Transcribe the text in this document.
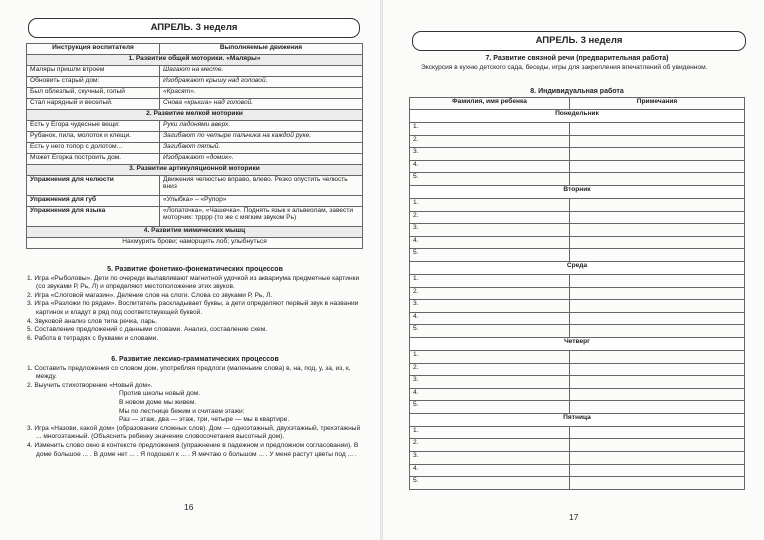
АПРЕЛЬ. 3 неделя
Инструкция воспитателя	Выполняемые движения
1. Развитие общей моторики. «Маляры»	
Маляры пришли втроем	Шагают на месте.
Обновить старый дом:	Изображают крышу над головой.
Был облезлый, скучный, голый	«Красят».
Стал нарядный и веселый.	Снова «крыша» над головой.
2. Развитие мелкой моторики	
Есть у Егора чудесные вещи:	Руки ладонями вверх.
Рубанок, пила, молоток и клещи.	Загибают по четыре пальчика на каждой руке.
Есть у него топор с долотом...	Загибают пятый.
Может Егорка построить дом.	Изображают «домик».
3. Развитие артикуляционной моторики	
Упражнения для челюсти	Движения челюстью вправо, влево. Резко опустить челюсть вниз
Упражнения для губ	«Улыбка» – «Рупор»
Упражнения для языка	«Лопаточка», «Чашечка». Поднять язык к альвеолам, завести моторчик: трррр (то же с мягким звуком Рь)
4. Развитие мимических мышц	
Нахмурить брови; наморщить лоб; улыбнуться	
5. Развитие фонетико-фонематических процессов
1. Игра «Рыболовы». Дети по очереди вылавливают магнитной удочкой из аквариума предметные картинки (со звуками Р, Рь, Л) и определяют местоположение этих звуков.
2. Игра «Слоговой магазин». Деление слов на слоги. Слова со звуками Р, Рь, Л.
3. Игра «Разложи по рядам». Воспитатель раскладывает буквы, а дети определяют первый звук в названии картинок и кладут в ряд под соответствующей буквой.
4. Звуковой анализ слов типа речка, ларь.
5. Составление предложений с данными словами. Анализ, составление схем.
6. Работа в тетрадях с буквами и словами.
6. Развитие лексико-грамматических процессов
1. Составить предложения со словом дом, употребляя предлоги (маленькие слова) в, на, под, у, за, из, к, между.
2. Выучить стихотворение «Новый дом».
Против школы новый дом.
В новом доме мы живем.
Мы по лестнице бежим и считаем этажи:
Раз — этаж, два — этаж, три, четыре — мы в квартире.
3. Игра «Назови, какой дом» (образование сложных слов). Дом — одноэтажный, двухэтажный, трехэтажный ... многоэтажный. (Объяснить ребенку значение словосочетания высотный дом).
4. Изменить слово окно в контексте предложения (упражнение в падежном и предложном согласовании). В доме большое ... . В доме нет ... . Я подошел к ... . Я мечтаю о большом ... . У меня растут цветы под ... .
16
АПРЕЛЬ. 3 неделя
7. Развитие связной речи (предварительная работа)
Экскурсия в кухню детского сада, беседы, игры для закрепления впечатлений об увиденном.
8. Индивидуальная работа
Фамилия, имя ребенка	Примечания
Понедельник	
1.	
2.	
3.	
4.	
5.	
Вторник	
1.	
2.	
3.	
4.	
5.	
Среда	
1.	
2.	
3.	
4.	
5.	
Четверг	
1.	
2.	
3.	
4.	
5.	
Пятница	
1.	
2.	
3.	
4.	
5.	
17
